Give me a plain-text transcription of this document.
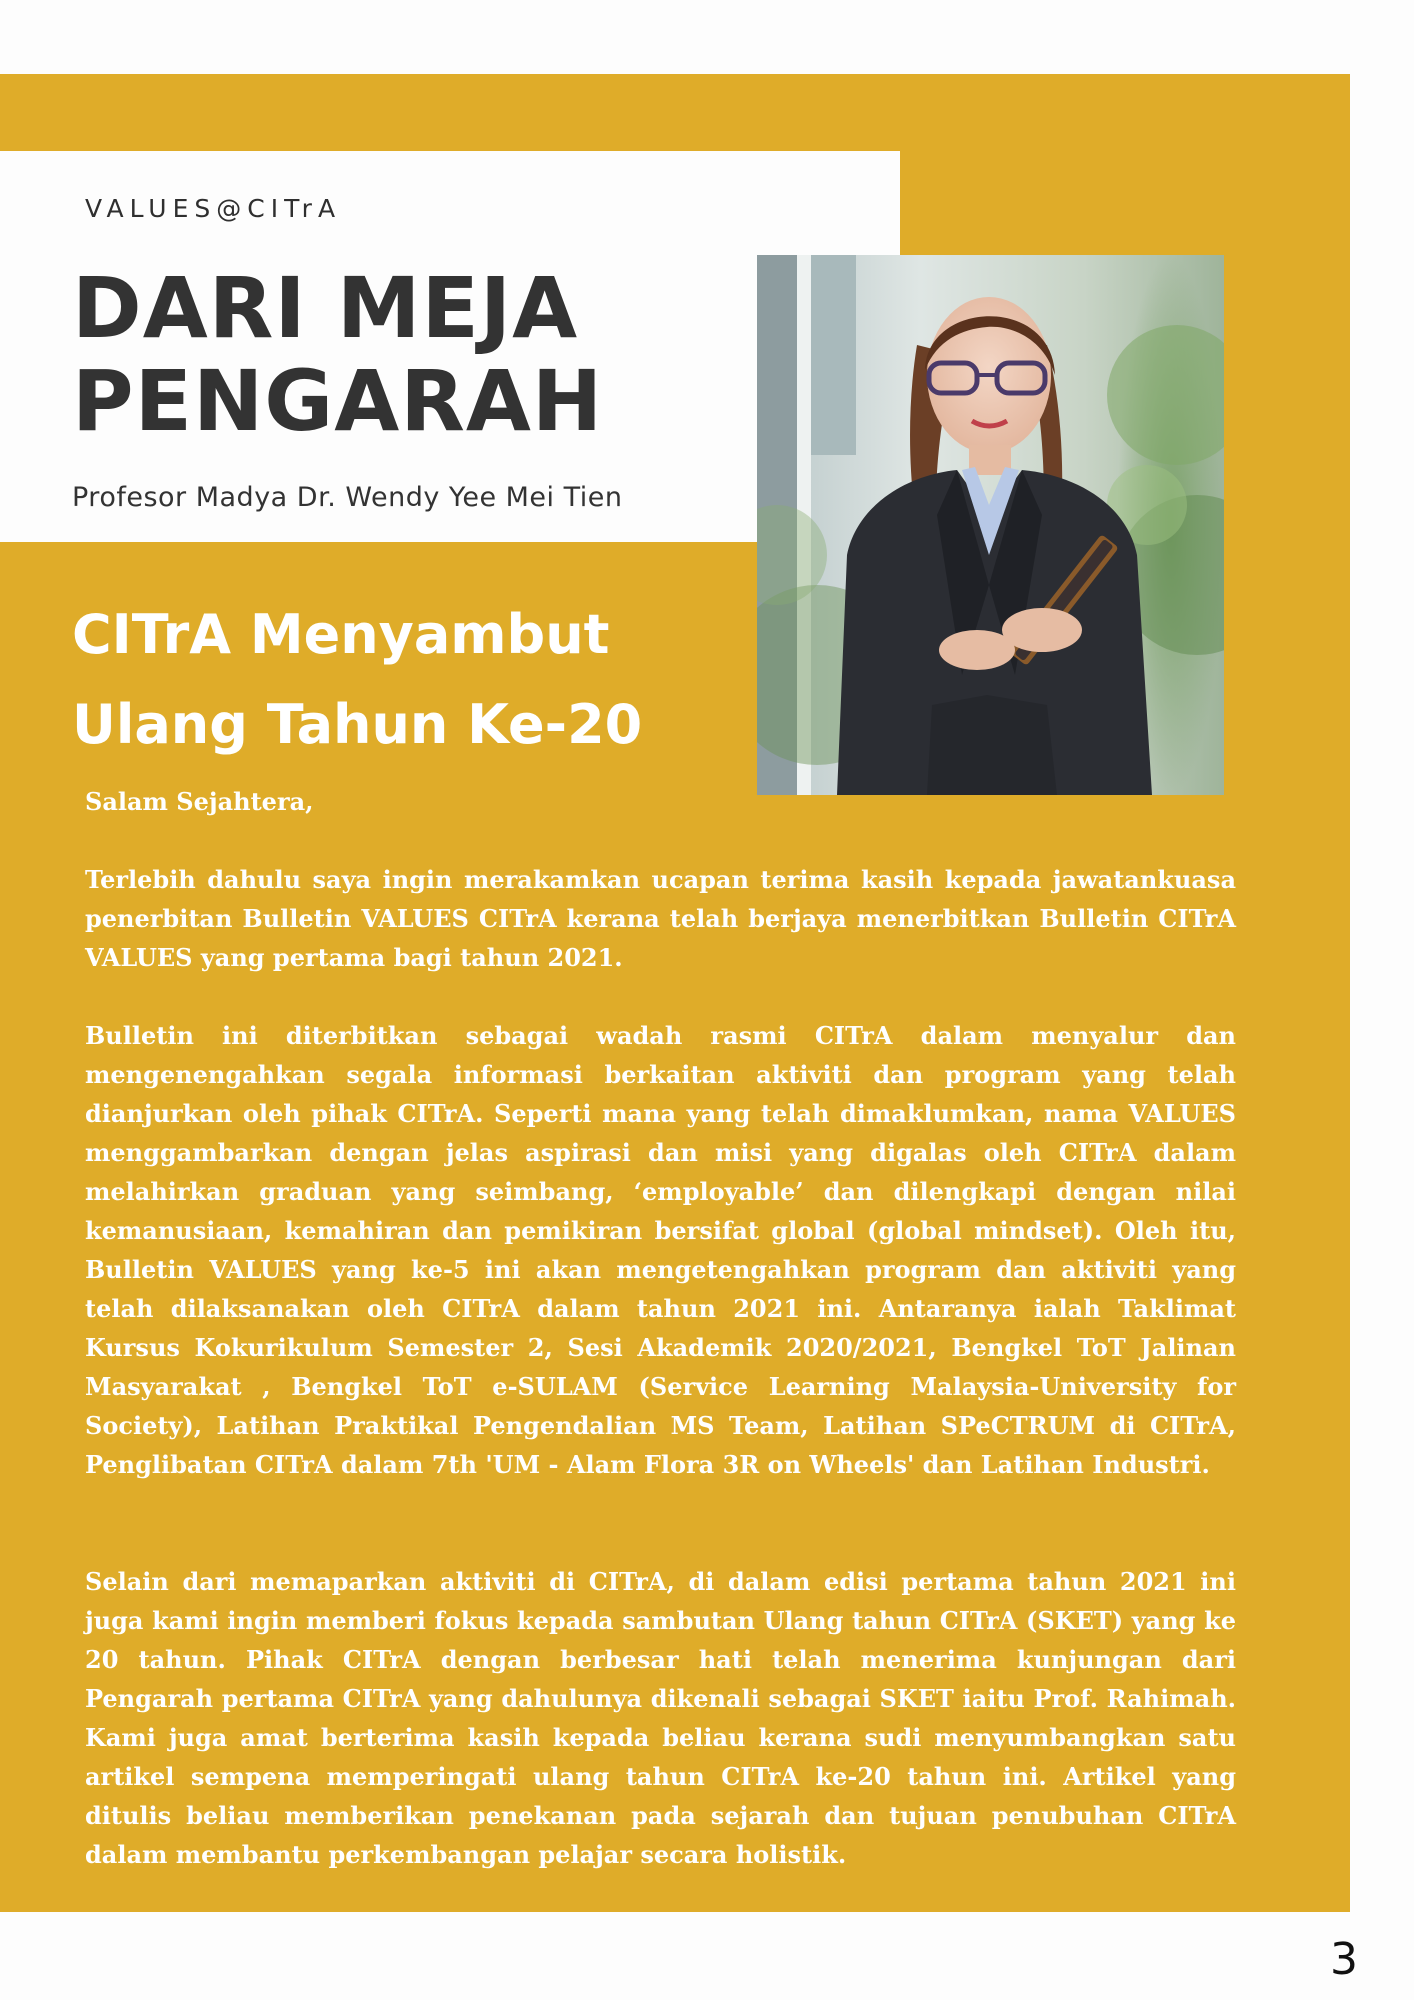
VALUES@CITrA
DARI MEJA
PENGARAH
Profesor Madya Dr. Wendy Yee Mei Tien
CITrA Menyambut
Ulang Tahun Ke-20

Salam Sejahtera,

Terlebih dahulu saya ingin merakamkan ucapan terima kasih kepada jawatankuasa penerbitan Bulletin VALUES CITrA kerana telah berjaya menerbitkan Bulletin CITrA VALUES yang pertama bagi tahun 2021.

Bulletin ini diterbitkan sebagai wadah rasmi CITrA dalam menyalur dan mengenengahkan segala informasi berkaitan aktiviti dan program yang telah dianjurkan oleh pihak CITrA. Seperti mana yang telah dimaklumkan, nama VALUES menggambarkan dengan jelas aspirasi dan misi yang digalas oleh CITrA dalam melahirkan graduan yang seimbang, ‘employable’ dan dilengkapi dengan nilai kemanusiaan, kemahiran dan pemikiran bersifat global (global mindset). Oleh itu, Bulletin VALUES yang ke-5 ini akan mengetengahkan program dan aktiviti yang telah dilaksanakan oleh CITrA dalam tahun 2021 ini. Antaranya ialah Taklimat Kursus Kokurikulum Semester 2, Sesi Akademik 2020/2021, Bengkel ToT Jalinan Masyarakat , Bengkel ToT e-SULAM (Service Learning Malaysia-University for Society), Latihan Praktikal Pengendalian MS Team, Latihan SPeCTRUM di CITrA, Penglibatan CITrA dalam 7th 'UM - Alam Flora 3R on Wheels' dan Latihan Industri.

Selain dari memaparkan aktiviti di CITrA, di dalam edisi pertama tahun 2021 ini juga kami ingin memberi fokus kepada sambutan Ulang tahun CITrA (SKET) yang ke 20 tahun. Pihak CITrA dengan berbesar hati telah menerima kunjungan dari Pengarah pertama CITrA yang dahulunya dikenali sebagai SKET iaitu Prof. Rahimah. Kami juga amat berterima kasih kepada beliau kerana sudi menyumbangkan satu artikel sempena memperingati ulang tahun CITrA ke-20 tahun ini. Artikel yang ditulis beliau memberikan penekanan pada sejarah dan tujuan penubuhan CITrA dalam membantu perkembangan pelajar secara holistik.

3
